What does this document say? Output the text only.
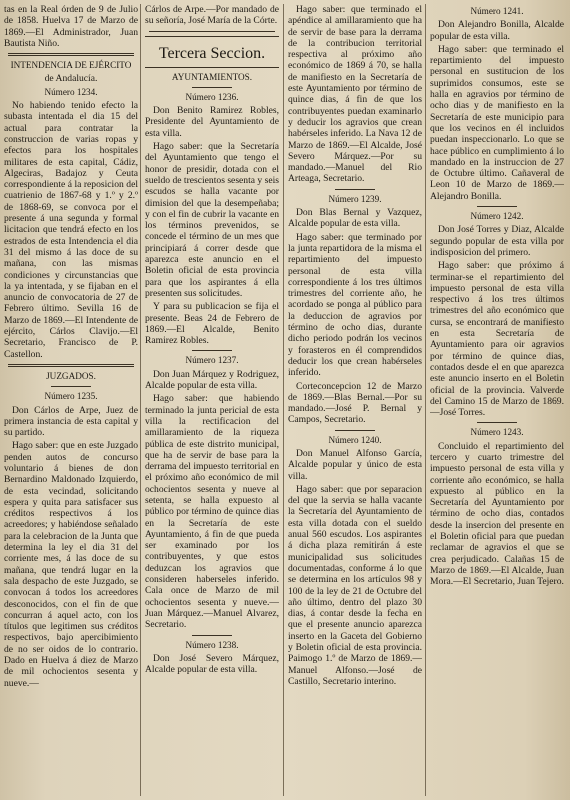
tas en la Real órden de 9 de Julio de 1858. Huelva 17 de Marzo de 1869.—El Administrador, Juan Bautista Niño.

INTENDENCIA DE EJÉRCITO
de Andalucía.
Número 1234.

No habiendo tenido efecto la subasta intentada el dia 15 del actual para contratar la construccion de varias ropas y efectos para los hospitales militares de esta capital, Cádiz, Algeciras, Badajoz y Ceuta correspondiente á la reposicion del cuatrienio de 1867-68 y 1.º y 2.º de 1868-69, se convoca por el presente á una segunda y formal licitacion que tendrá efecto en los estrados de esta Intendencia el dia 31 del mismo á las doce de su mañana, con las mismas condiciones y circunstancias que la ya intentada, y se fijaban en el anuncio de convocatoria de 27 de Febrero último. Sevilla 16 de Marzo de 1869.—El Intendente de ejército, Cárlos Clavijo.—El Secretario, Francisco de P. Castellon.

JUZGADOS.
Número 1235.

Don Cárlos de Arpe, Juez de primera instancia de esta capital y su partido.

Hago saber: que en este Juzgado penden autos de concurso voluntario á bienes de don Bernardino Maldonado Izquierdo, de esta vecindad, solicitando espera y quita para satisfacer sus créditos respectivos á los acreedores; y habiéndose señalado para la celebracion de la Junta que determina la ley el dia 31 del corriente mes, á las doce de su mañana, que tendrá lugar en la sala despacho de este Juzgado, se convocan á todos los acreedores desconocidos, con el fin de que concurran á aquel acto, con los títulos que legitimen sus créditos respectivos, bajo apercibimiento de no ser oidos de lo contrario. Dado en Huelva á diez de Marzo de mil ochocientos sesenta y nueve.—

Cárlos de Arpe.—Por mandado de su señoría, José María de la Córte.

Tercera Seccion.
AYUNTAMIENTOS.
Número 1236.

Don Benito Ramirez Robles, Presidente del Ayuntamiento de esta villa.

Hago saber: que la Secretaría del Ayuntamiento que tengo el honor de presidir, dotada con el sueldo de trescientos sesenta y seis escudos se halla vacante por dimision del que la desempeñaba; y con el fin de cubrir la vacante en los términos prevenidos, se concede el término de un mes que principiará á correr desde que aparezca este anuncio en el Boletin oficial de esta provincia para que los aspirantes á ella presenten sus solicitudes.

Y para su publicacion se fija el presente. Beas 24 de Febrero de 1869.—El Alcalde, Benito Ramirez Robles.

Número 1237.

Don Juan Márquez y Rodriguez, Alcalde popular de esta villa.

Hago saber: que habiendo terminado la junta pericial de esta villa la rectificacion del amillaramiento de la riqueza pública de este distrito municipal, que ha de servir de base para la derrama del impuesto territorial en el próximo año económico de mil ochocientos sesenta y nueve al setenta, se halla expuesto al público por término de quince dias en la Secretaría de este Ayuntamiento, á fin de que pueda ser examinado por los contribuyentes, y que estos deduzcan los agravios que consideren haberseles inferido. Cala once de Marzo de mil ochocientos sesenta y nueve.—Juan Márquez.—Manuel Alvarez, Secretario.

Número 1238.

Don José Severo Márquez, Alcalde popular de esta villa.

Hago saber: que terminado el apéndice al amillaramiento que ha de servir de base para la derrama de la contribucion territorial respectiva al próximo año económico de 1869 á 70, se halla de manifiesto en la Secretaría de este Ayuntamiento por término de quince dias, á fin de que los contribuyentes puedan examinarlo y deducir los agravios que crean habérseles inferido. La Nava 12 de Marzo de 1869.—El Alcalde, José Severo Márquez.—Por su mandado.—Manuel del Rio Arteaga, Secretario.

Número 1239.

Don Blas Bernal y Vazquez, Alcalde popular de esta villa.

Hago saber: que terminado por la junta repartidora de la misma el repartimiento del impuesto personal de esta villa correspondiente á los tres últimos trimestres del corriente año, he acordado se ponga al público para la deduccion de agravios por término de ocho dias, durante dicho periodo podrán los vecinos y forasteros en él comprendidos deducir los que crean habérseles inferido.

Corteconcepcion 12 de Marzo de 1869.—Blas Bernal.—Por su mandado.—José P. Bernal y Campos, Secretario.

Número 1240.

Don Manuel Alfonso García, Alcalde popular y único de esta villa.

Hago saber: que por separacion del que la servia se halla vacante la Secretaría del Ayuntamiento de esta villa dotada con el sueldo anual 560 escudos. Los aspirantes á dicha plaza remitirán á este municipalidad sus solicitudes documentadas, conforme á lo que se determina en los artículos 98 y 100 de la ley de 21 de Octubre del año último, dentro del plazo 30 dias, á contar desde la fecha en que el presente anuncio aparezca inserto en la Gaceta del Gobierno y Boletin oficial de esta provincia. Paimogo 1.º de Marzo de 1869.—Manuel Alfonso.—José de Castillo, Secretario interino.

Número 1241.

Don Alejandro Bonilla, Alcalde popular de esta villa.

Hago saber: que terminado el repartimiento del impuesto personal en sustitucion de los suprimidos consumos, este se halla en agravios por término de ocho dias y de manifiesto en la Secretaría de este municipio para que los vecinos en él incluidos puedan inspeccionarlo. Lo que se hace público en cumplimiento á lo mandado en la instruccion de 27 de Octubre último. Cañaveral de Leon 10 de Marzo de 1869.—Alejandro Bonilla.

Número 1242.

Don José Torres y Diaz, Alcalde segundo popular de esta villa por indisposicion del primero.

Hago saber: que próximo á terminar-se el repartimiento del impuesto personal de esta villa respectivo á los tres últimos trimestres del año económico que cursa, se encontrará de manifiesto en esta Secretaría de Ayuntamiento para oir agravios por término de quince dias, contados desde el en que aparezca este anuncio inserto en el Boletin oficial de la provincia. Valverde del Camino 15 de Marzo de 1869.—José Torres.

Número 1243.

Concluido el repartimiento del tercero y cuarto trimestre del impuesto personal de esta villa y corriente año económico, se halla expuesto al público en la Secretaría del Ayuntamiento por término de ocho dias, contados desde la insercion del presente en el Boletin oficial para que puedan reclamar de agravios el que se crea perjudicado. Calañas 15 de Marzo de 1869.—El Alcalde, Juan Mora.—El Secretario, Juan Tejero.
